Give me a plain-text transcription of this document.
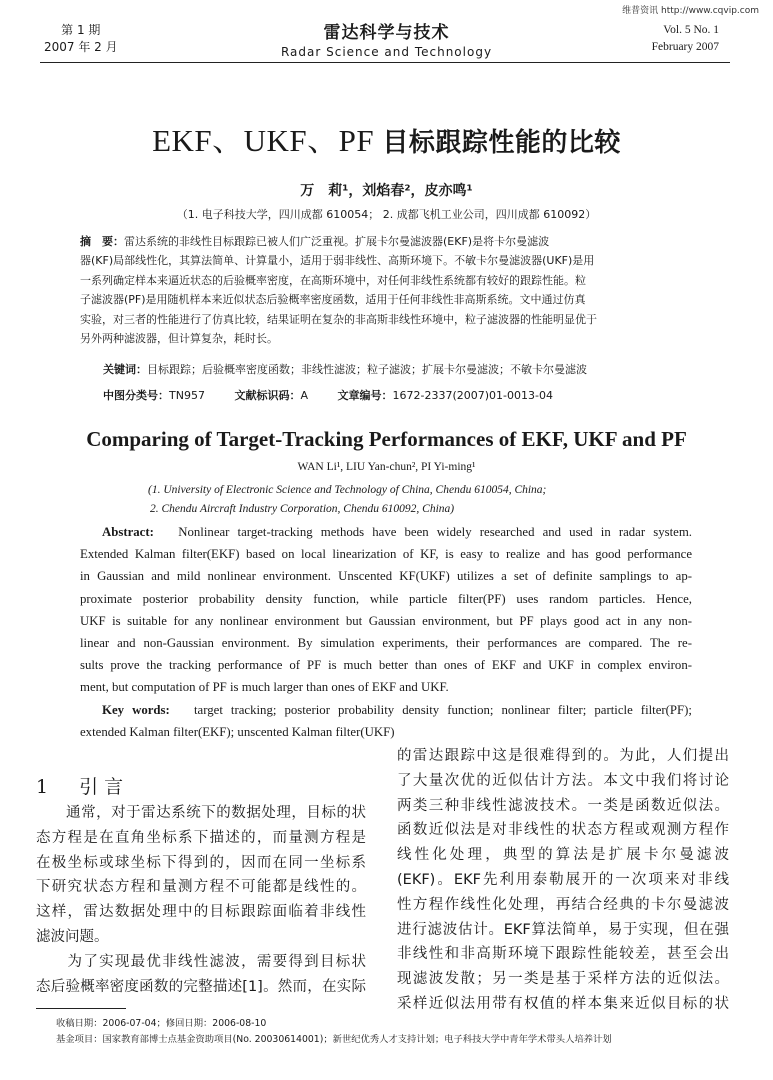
维普资讯 http://www.cqvip.com
第 1 期
2007 年 2 月
雷达科学与技术
Radar Science and Technology
Vol. 5 No. 1
February 2007
EKF、UKF、PF 目标跟踪性能的比较
万　莉¹，刘焰春²，皮亦鸣¹
（1. 电子科技大学，四川成都 610054； 2. 成都飞机工业公司，四川成都 610092）
摘　要：雷达系统的非线性目标跟踪已被人们广泛重视。扩展卡尔曼滤波器(EKF)是将卡尔曼滤波
器(KF)局部线性化，其算法简单、计算量小，适用于弱非线性、高斯环境下。不敏卡尔曼滤波器(UKF)是用
一系列确定样本来逼近状态的后验概率密度，在高斯环境中，对任何非线性系统都有较好的跟踪性能。粒
子滤波器(PF)是用随机样本来近似状态后验概率密度函数，适用于任何非线性非高斯系统。文中通过仿真
实验，对三者的性能进行了仿真比较，结果证明在复杂的非高斯非线性环境中，粒子滤波器的性能明显优于
另外两种滤波器，但计算复杂，耗时长。
关键词：目标跟踪；后验概率密度函数；非线性滤波；粒子滤波；扩展卡尔曼滤波；不敏卡尔曼滤波
中图分类号：TN957	文献标识码：A	文章编号：1672-2337(2007)01-0013-04
Comparing of Target-Tracking Performances of EKF, UKF and PF
WAN Li¹, LIU Yan-chun², PI Yi-ming¹
(1. University of Electronic Science and Technology of China, Chendu 610054, China;
2. Chendu Aircraft Industry Corporation, Chendu 610092, China)
Abstract: Nonlinear target-tracking methods have been widely researched and used in radar system.
Extended Kalman filter(EKF) based on local linearization of KF, is easy to realize and has good performance
in Gaussian and mild nonlinear environment. Unscented KF(UKF) utilizes a set of definite samplings to ap-
proximate posterior probability density function, while particle filter(PF) uses random particles. Hence,
UKF is suitable for any nonlinear environment but Gaussian environment, but PF plays good act in any non-
linear and non-Gaussian environment. By simulation experiments, their performances are compared. The re-
sults prove the tracking performance of PF is much better than ones of EKF and UKF in complex environ-
ment, but computation of PF is much larger than ones of EKF and UKF.
Key words: target tracking; posterior probability density function; nonlinear filter; particle filter(PF);
extended Kalman filter(EKF); unscented Kalman filter(UKF)
1　引言
　　通常，对于雷达系统下的数据处理，目标的状
态方程是在直角坐标系下描述的，而量测方程是
在极坐标或球坐标下得到的，因而在同一坐标系
下研究状态方程和量测方程不可能都是线性的。
这样，雷达数据处理中的目标跟踪面临着非线性
滤波问题。
　　为了实现最优非线性滤波，需要得到目标状
态后验概率密度函数的完整描述[1]。然而，在实际
的雷达跟踪中这是很难得到的。为此，人们提出
了大量次优的近似估计方法。本文中我们将讨论
两类三种非线性滤波技术。一类是函数近似法。
函数近似法是对非线性的状态方程或观测方程作
线性化处理，典型的算法是扩展卡尔曼滤波
(EKF)。EKF先利用泰勒展开的一次项来对非线
性方程作线性化处理，再结合经典的卡尔曼滤波
进行滤波估计。EKF算法简单，易于实现，但在强
非线性和非高斯环境下跟踪性能较差，甚至会出
现滤波发散；另一类是基于采样方法的近似法。
采样近似法用带有权值的样本集来近似目标的状
收稿日期：2006-07-04；修回日期：2006-08-10
基金项目：国家教育部博士点基金资助项目(No. 20030614001)；新世纪优秀人才支持计划；电子科技大学中青年学术带头人培养计划
